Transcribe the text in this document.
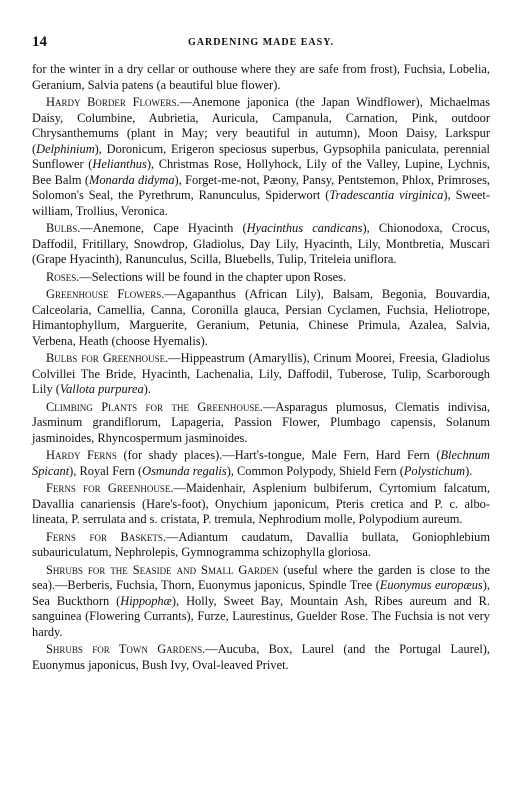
14	GARDENING MADE EASY.

for the winter in a dry cellar or outhouse where they are safe from frost), Fuchsia, Lobelia, Geranium, Salvia patens (a beautiful blue flower).

Hardy Border Flowers.—Anemone japonica (the Japan Windflower), Michaelmas Daisy, Columbine, Aubrietia, Auricula, Campanula, Carnation, Pink, outdoor Chrysanthemums (plant in May; very beautiful in autumn), Moon Daisy, Larkspur (Delphinium), Doronicum, Erigeron speciosus superbus, Gypsophila paniculata, perennial Sunflower (Helianthus), Christmas Rose, Hollyhock, Lily of the Valley, Lupine, Lychnis, Bee Balm (Monarda didyma), Forget-me-not, Pæony, Pansy, Pentstemon, Phlox, Primroses, Solomon's Seal, the Pyrethrum, Ranunculus, Spiderwort (Tradescantia virginica), Sweet-william, Trollius, Veronica.

Bulbs.—Anemone, Cape Hyacinth (Hyacinthus candicans), Chionodoxa, Crocus, Daffodil, Fritillary, Snowdrop, Gladiolus, Day Lily, Hyacinth, Lily, Montbretia, Muscari (Grape Hyacinth), Ranunculus, Scilla, Bluebells, Tulip, Triteleia uniflora.

Roses.—Selections will be found in the chapter upon Roses.

Greenhouse Flowers.—Agapanthus (African Lily), Balsam, Begonia, Bouvardia, Calceolaria, Camellia, Canna, Coronilla glauca, Persian Cyclamen, Fuchsia, Heliotrope, Himantophyllum, Marguerite, Geranium, Petunia, Chinese Primula, Azalea, Salvia, Verbena, Heath (choose Hyemalis).

Bulbs for Greenhouse.—Hippeastrum (Amaryllis), Crinum Moorei, Freesia, Gladiolus Colvillei The Bride, Hyacinth, Lachenalia, Lily, Daffodil, Tuberose, Tulip, Scarborough Lily (Vallota purpurea).

Climbing Plants for the Greenhouse.—Asparagus plumosus, Clematis indivisa, Jasminum grandiflorum, Lapageria, Passion Flower, Plumbago capensis, Solanum jasminoides, Rhyncospermum jasminoides.

Hardy Ferns (for shady places).—Hart's-tongue, Male Fern, Hard Fern (Blechnum Spicant), Royal Fern (Osmunda regalis), Common Polypody, Shield Fern (Polystichum).

Ferns for Greenhouse.—Maidenhair, Asplenium bulbiferum, Cyrtomium falcatum, Davallia canariensis (Hare's-foot), Onychium japonicum, Pteris cretica and P. c. albo-lineata, P. serrulata and s. cristata, P. tremula, Nephrodium molle, Polypodium aureum.

Ferns for Baskets.—Adiantum caudatum, Davallia bullata, Goniophlebium subauriculatum, Nephrolepis, Gymnogramma schizophylla gloriosa.

Shrubs for the Seaside and Small Garden (useful where the garden is close to the sea).—Berberis, Fuchsia, Thorn, Euonymus japonicus, Spindle Tree (Euonymus europæus), Sea Buckthorn (Hippophæ), Holly, Sweet Bay, Mountain Ash, Ribes aureum and R. sanguinea (Flowering Currants), Furze, Laurestinus, Guelder Rose. The Fuchsia is not very hardy.

Shrubs for Town Gardens.—Aucuba, Box, Laurel (and the Portugal Laurel), Euonymus japonicus, Bush Ivy, Oval-leaved Privet.
